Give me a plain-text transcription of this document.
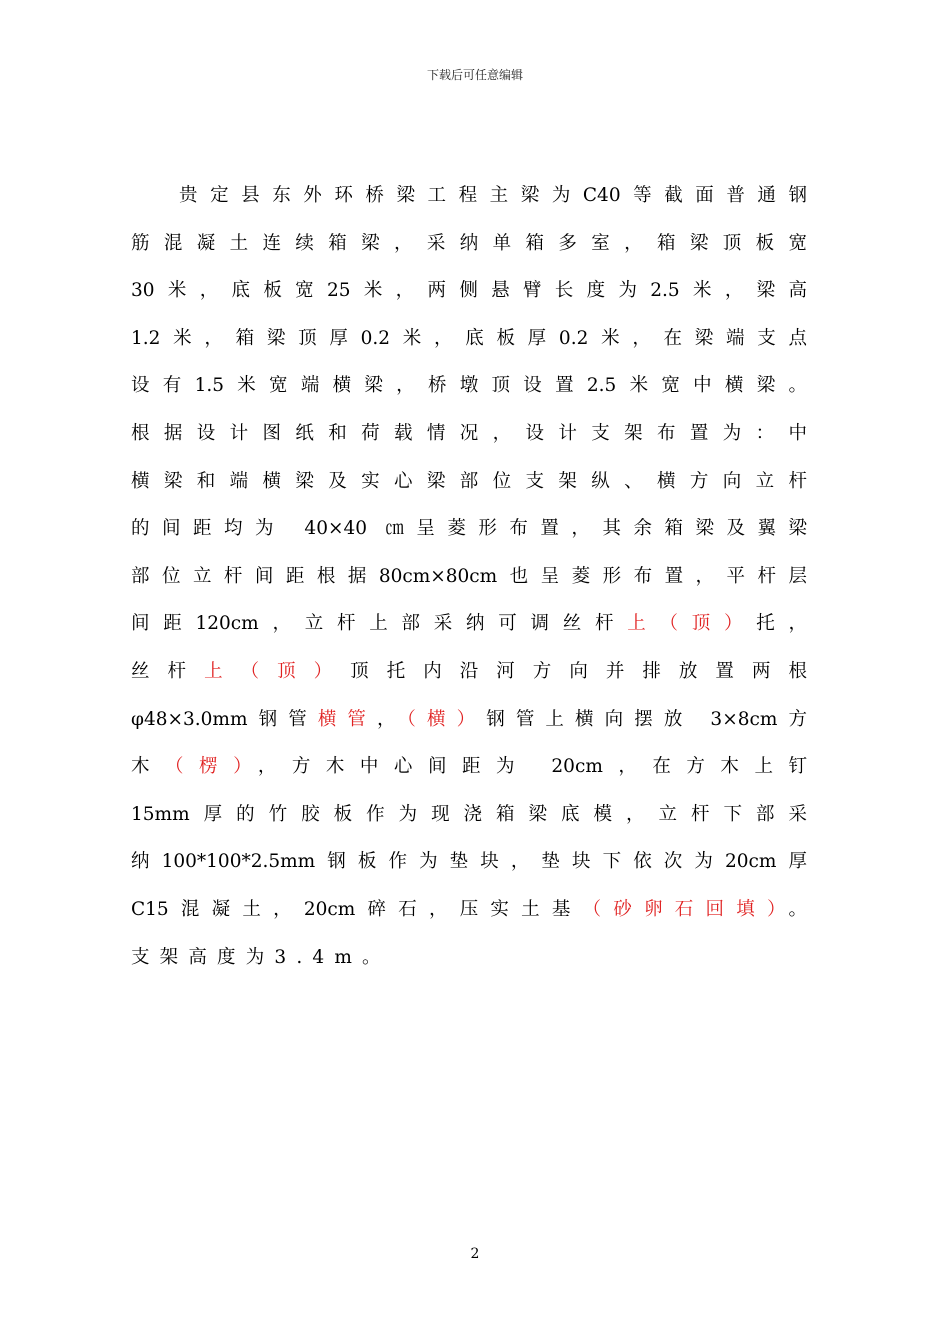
下载后可任意编辑
贵定县东外环桥梁工程主梁为C40等截面普通钢
筋混凝土连续箱梁，采纳单箱多室，箱梁顶板宽
30米，底板宽25米，两侧悬臂长度为2.5米，梁高
1.2米，箱梁顶厚0.2米，底板厚0.2米，在梁端支点
设有1.5米宽端横梁，桥墩顶设置2.5米宽中横梁。
根据设计图纸和荷载情况，设计支架布置为：中
横梁和端横梁及实心梁部位支架纵、横方向立杆
的间距均为 40×40 ㎝呈菱形布置，其余箱梁及翼梁
部位立杆间距根据80cm×80cm也呈菱形布置，平杆层
间距120cm，立杆上部采纳可调丝杆上（顶）托，
丝杆上（顶）顶托内沿河方向并排放置两根
φ48×3.0mm钢管横管，（横）钢管上横向摆放 3×8cm方
木（楞），方木中心间距为 20cm，在方木上钉
15mm厚的竹胶板作为现浇箱梁底模，立杆下部采
纳100*100*2.5mm钢板作为垫块，垫块下依次为20cm厚
C15混凝土，20cm碎石，压实土基（砂卵石回填）。
支架高度为3.4m。
2
